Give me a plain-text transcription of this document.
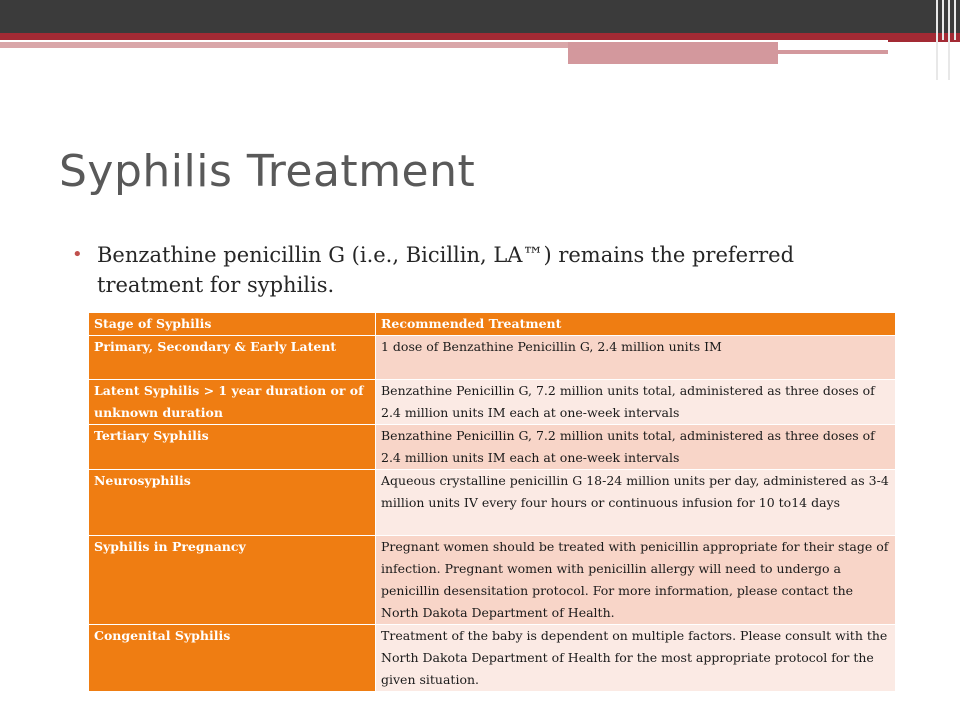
Syphilis Treatment
• Benzathine penicillin G (i.e., Bicillin, LA™) remains the preferred treatment for syphilis.
Stage of Syphilis	Recommended Treatment
Primary, Secondary & Early Latent	1 dose of Benzathine Penicillin G, 2.4 million units IM
Latent Syphilis > 1 year duration or of unknown duration	Benzathine Penicillin G, 7.2 million units total, administered as three doses of 2.4 million units IM each at one-week intervals
Tertiary Syphilis	Benzathine Penicillin G, 7.2 million units total, administered as three doses of 2.4 million units IM each at one-week intervals
Neurosyphilis	Aqueous crystalline penicillin G 18-24 million units per day, administered as 3-4 million units IV every four hours or continuous infusion for 10 to14 days
Syphilis in Pregnancy	Pregnant women should be treated with penicillin appropriate for their stage of infection. Pregnant women with penicillin allergy will need to undergo a penicillin desensitation protocol. For more information, please contact the North Dakota Department of Health.
Congenital Syphilis	Treatment of the baby is dependent on multiple factors. Please consult with the North Dakota Department of Health for the most appropriate protocol for the given situation.
